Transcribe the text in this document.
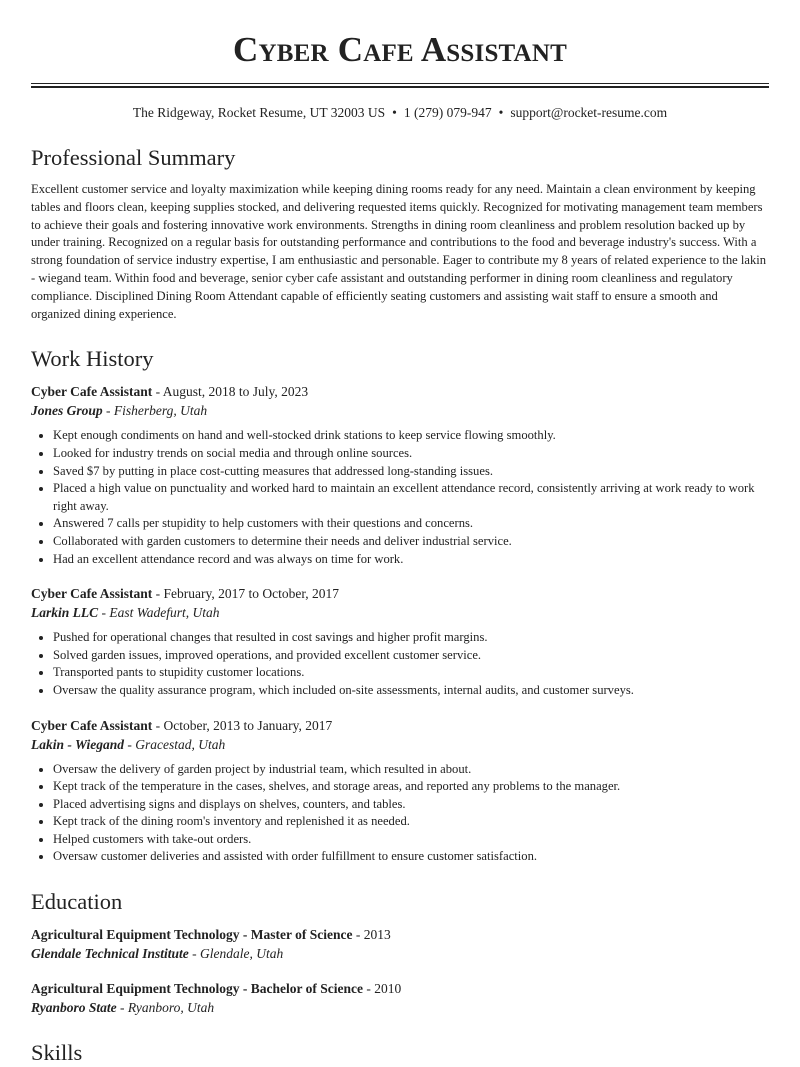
Cyber Cafe Assistant
The Ridgeway, Rocket Resume, UT 32003 US • 1 (279) 079-947 • support@rocket-resume.com
Professional Summary

Excellent customer service and loyalty maximization while keeping dining rooms ready for any need. Maintain a clean environment by keeping tables and floors clean, keeping supplies stocked, and delivering requested items quickly. Recognized for motivating management team members to achieve their goals and fostering innovative work environments. Strengths in dining room cleanliness and problem resolution backed up by under training. Recognized on a regular basis for outstanding performance and contributions to the food and beverage industry's success. With a strong foundation of service industry expertise, I am enthusiastic and personable. Eager to contribute my 8 years of related experience to the lakin - wiegand team. Within food and beverage, senior cyber cafe assistant and outstanding performer in dining room cleanliness and regulatory compliance. Disciplined Dining Room Attendant capable of efficiently seating customers and assisting wait staff to ensure a smooth and organized dining experience.

Work History
Cyber Cafe Assistant - August, 2018 to July, 2023
Jones Group - Fisherberg, Utah
• Kept enough condiments on hand and well-stocked drink stations to keep service flowing smoothly.
• Looked for industry trends on social media and through online sources.
• Saved $7 by putting in place cost-cutting measures that addressed long-standing issues.
• Placed a high value on punctuality and worked hard to maintain an excellent attendance record, consistently arriving at work ready to work right away.
• Answered 7 calls per stupidity to help customers with their questions and concerns.
• Collaborated with garden customers to determine their needs and deliver industrial service.
• Had an excellent attendance record and was always on time for work.
Cyber Cafe Assistant - February, 2017 to October, 2017
Larkin LLC - East Wadefurt, Utah
• Pushed for operational changes that resulted in cost savings and higher profit margins.
• Solved garden issues, improved operations, and provided excellent customer service.
• Transported pants to stupidity customer locations.
• Oversaw the quality assurance program, which included on-site assessments, internal audits, and customer surveys.
Cyber Cafe Assistant - October, 2013 to January, 2017
Lakin - Wiegand - Gracestad, Utah
• Oversaw the delivery of garden project by industrial team, which resulted in about.
• Kept track of the temperature in the cases, shelves, and storage areas, and reported any problems to the manager.
• Placed advertising signs and displays on shelves, counters, and tables.
• Kept track of the dining room's inventory and replenished it as needed.
• Helped customers with take-out orders.
• Oversaw customer deliveries and assisted with order fulfillment to ensure customer satisfaction.
Education
Agricultural Equipment Technology - Master of Science - 2013
Glendale Technical Institute - Glendale, Utah
Agricultural Equipment Technology - Bachelor of Science - 2010
Ryanboro State - Ryanboro, Utah
Skills
